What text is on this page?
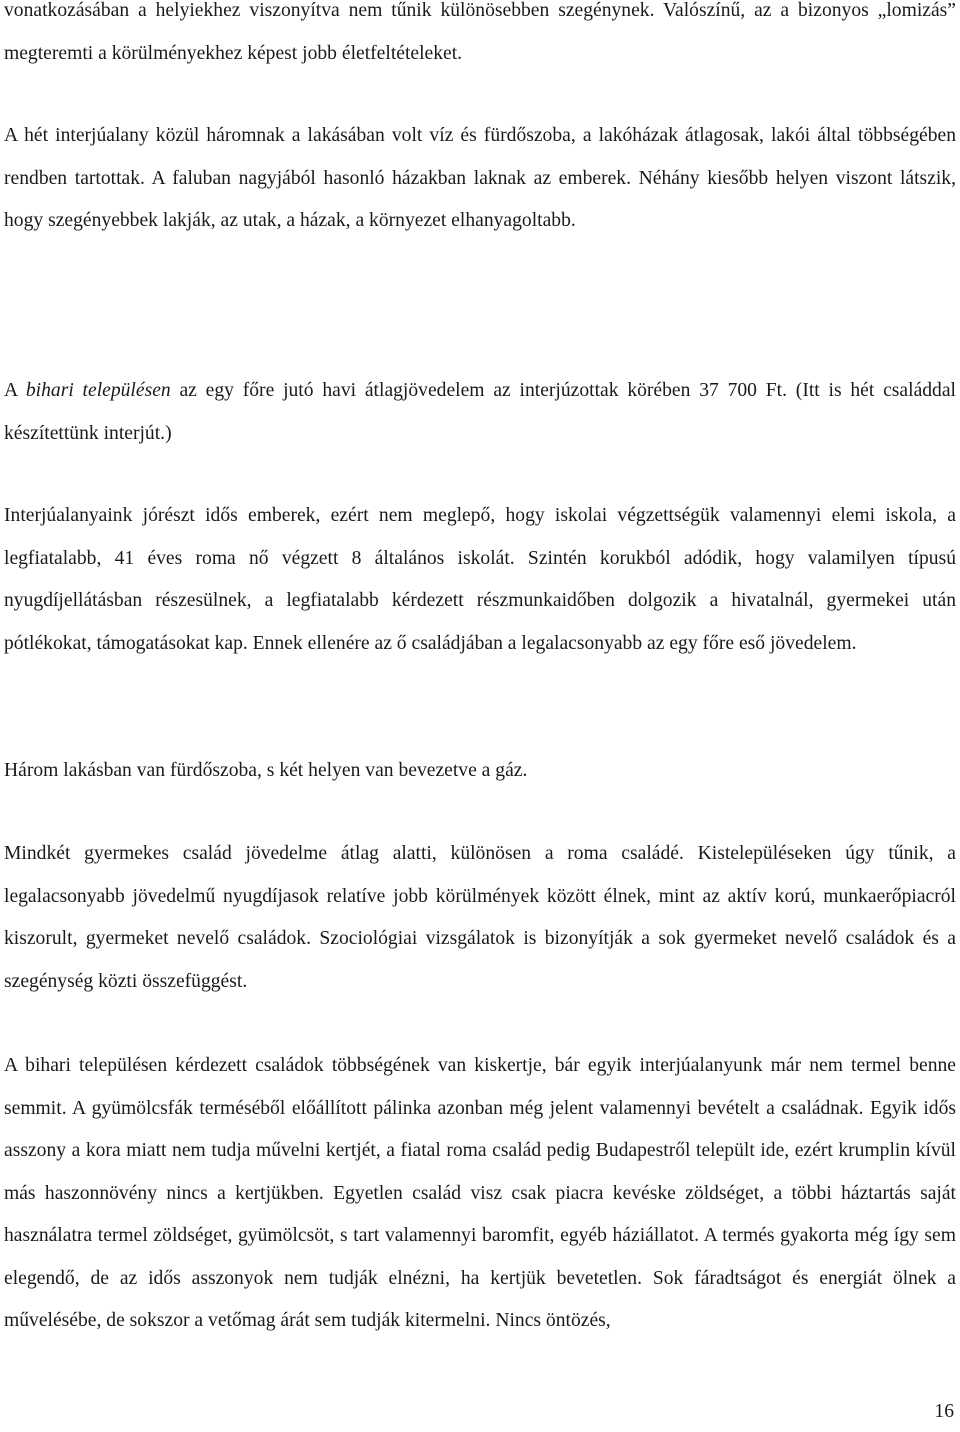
vonatkozásában a helyiekhez viszonyítva nem tűnik különösebben szegénynek. Valószínű, az a bizonyos „lomizás” megteremti a körülményekhez képest jobb életfeltételeket.

A hét interjúalany közül háromnak a lakásában volt víz és fürdőszoba, a lakóházak átlagosak, lakói által többségében rendben tartottak. A faluban nagyjából hasonló házakban laknak az emberek. Néhány kiesőbb helyen viszont látszik, hogy szegényebbek lakják, az utak, a házak, a környezet elhanyagoltabb.

A bihari településen az egy főre jutó havi átlagjövedelem az interjúzottak körében 37 700 Ft. (Itt is hét családdal készítettünk interjút.)

Interjúalanyaink jórészt idős emberek, ezért nem meglepő, hogy iskolai végzettségük valamennyi elemi iskola, a legfiatalabb, 41 éves roma nő végzett 8 általános iskolát. Szintén korukból adódik, hogy valamilyen típusú nyugdíjellátásban részesülnek, a legfiatalabb kérdezett részmunkaidőben dolgozik a hivatalnál, gyermekei után pótlékokat, támogatásokat kap. Ennek ellenére az ő családjában a legalacsonyabb az egy főre eső jövedelem.

Három lakásban van fürdőszoba, s két helyen van bevezetve a gáz.

Mindkét gyermekes család jövedelme átlag alatti, különösen a roma családé. Kistelepüléseken úgy tűnik, a legalacsonyabb jövedelmű nyugdíjasok relatíve jobb körülmények között élnek, mint az aktív korú, munkaerőpiacról kiszorult, gyermeket nevelő családok. Szociológiai vizsgálatok is bizonyítják a sok gyermeket nevelő családok és a szegénység közti összefüggést.

A bihari településen kérdezett családok többségének van kiskertje, bár egyik interjúalanyunk már nem termel benne semmit. A gyümölcsfák terméséből előállított pálinka azonban még jelent valamennyi bevételt a családnak. Egyik idős asszony a kora miatt nem tudja művelni kertjét, a fiatal roma család pedig Budapestről települt ide, ezért krumplin kívül más haszonnövény nincs a kertjükben. Egyetlen család visz csak piacra kevéske zöldséget, a többi háztartás saját használatra termel zöldséget, gyümölcsöt, s tart valamennyi baromfit, egyéb háziállatot. A termés gyakorta még így sem elegendő, de az idős asszonyok nem tudják elnézni, ha kertjük bevetetlen. Sok fáradtságot és energiát ölnek a művelésébe, de sokszor a vetőmag árát sem tudják kitermelni. Nincs öntözés,

16
